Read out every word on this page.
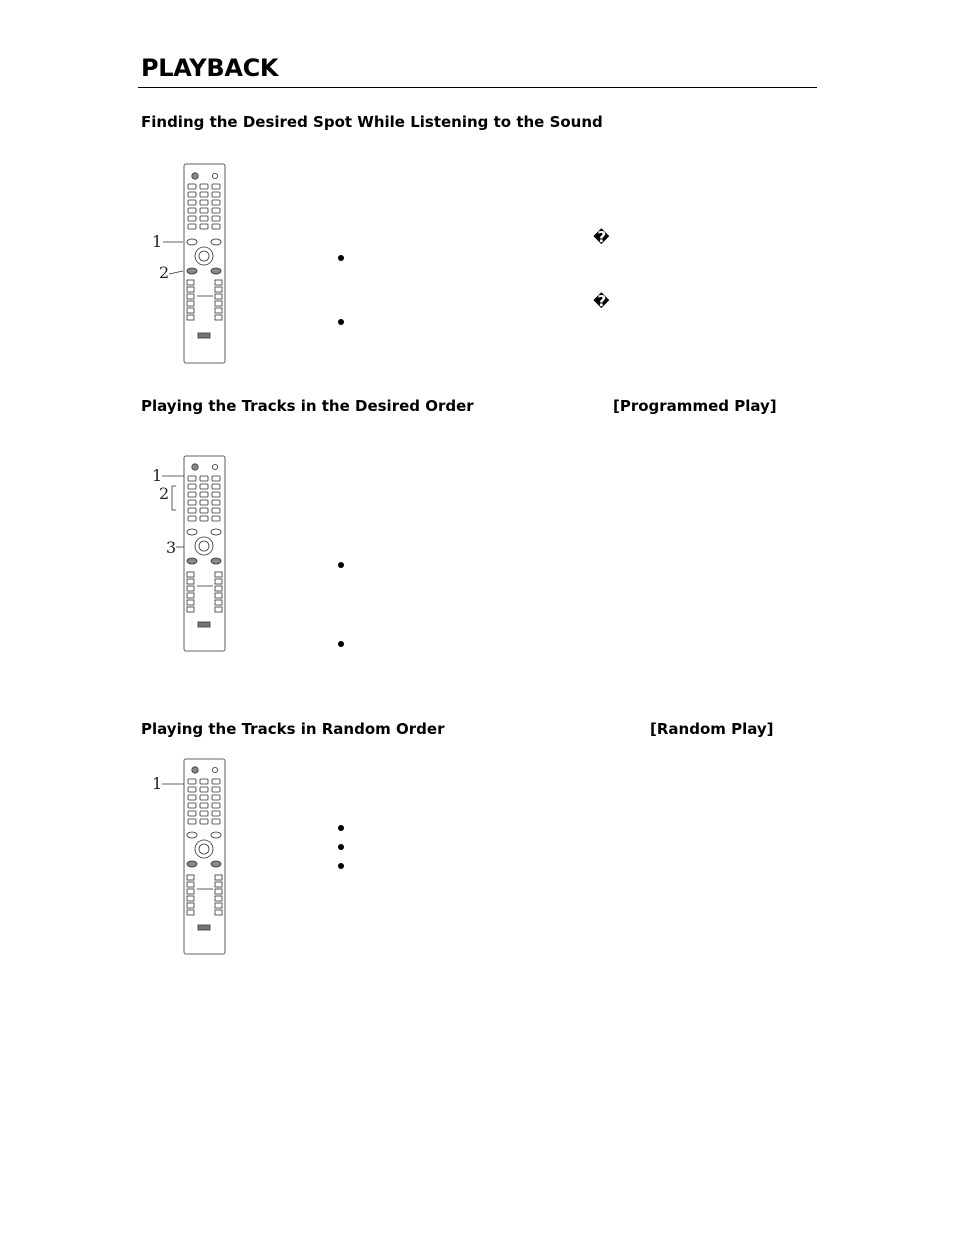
PLAYBACK
Finding the Desired Spot While Listening to the Sound
1
2
�
�
Playing the Tracks in the Desired Order	[Programmed Play]
1
2
3
Playing the Tracks in Random Order	[Random Play]
1
